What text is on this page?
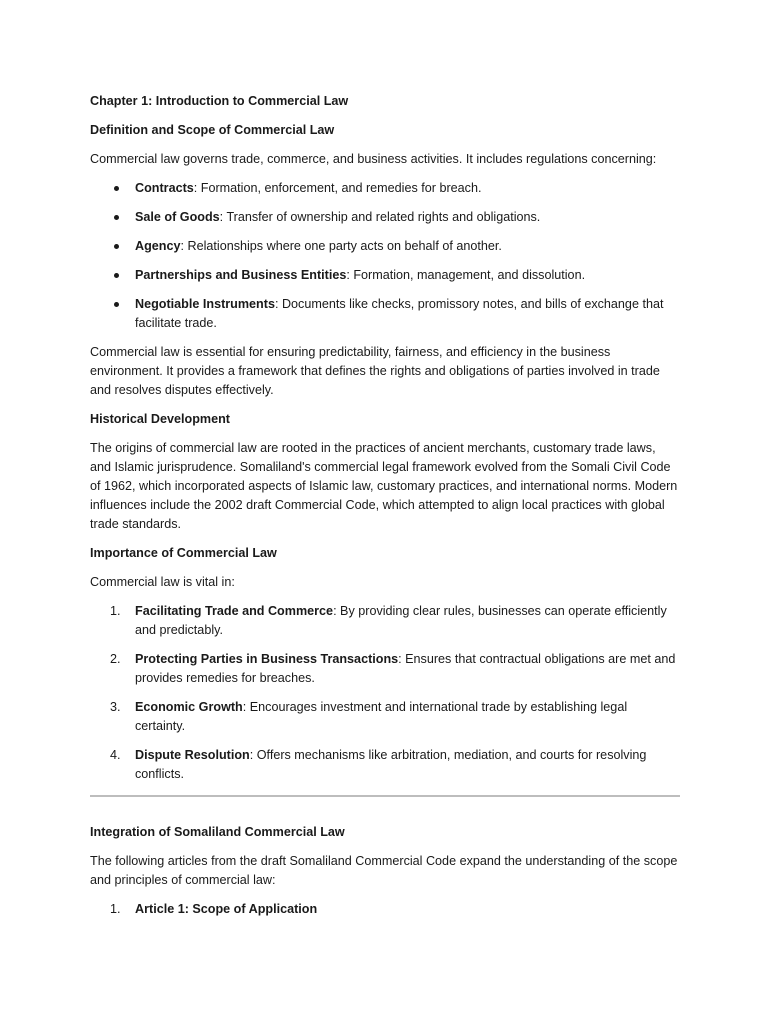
Chapter 1: Introduction to Commercial Law

Definition and Scope of Commercial Law

Commercial law governs trade, commerce, and business activities. It includes regulations concerning:

Contracts: Formation, enforcement, and remedies for breach.
Sale of Goods: Transfer of ownership and related rights and obligations.
Agency: Relationships where one party acts on behalf of another.
Partnerships and Business Entities: Formation, management, and dissolution.
Negotiable Instruments: Documents like checks, promissory notes, and bills of exchange that facilitate trade.

Commercial law is essential for ensuring predictability, fairness, and efficiency in the business environment. It provides a framework that defines the rights and obligations of parties involved in trade and resolves disputes effectively.

Historical Development

The origins of commercial law are rooted in the practices of ancient merchants, customary trade laws, and Islamic jurisprudence. Somaliland's commercial legal framework evolved from the Somali Civil Code of 1962, which incorporated aspects of Islamic law, customary practices, and international norms. Modern influences include the 2002 draft Commercial Code, which attempted to align local practices with global trade standards.

Importance of Commercial Law

Commercial law is vital in:

1. Facilitating Trade and Commerce: By providing clear rules, businesses can operate efficiently and predictably.
2. Protecting Parties in Business Transactions: Ensures that contractual obligations are met and provides remedies for breaches.
3. Economic Growth: Encourages investment and international trade by establishing legal certainty.
4. Dispute Resolution: Offers mechanisms like arbitration, mediation, and courts for resolving conflicts.

Integration of Somaliland Commercial Law

The following articles from the draft Somaliland Commercial Code expand the understanding of the scope and principles of commercial law:

1. Article 1: Scope of Application
